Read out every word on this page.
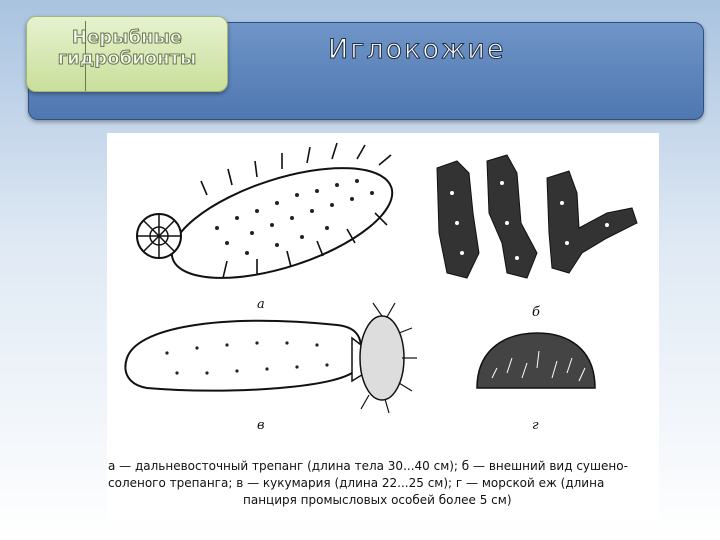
Иглокожие
Нерыбные
гидробионты
а
б
в	г
а — дальневосточный трепанг (длина тела 30...40 см); б — внешний вид сушено-
соленого трепанга; в — кукумария (длина 22...25 см); г — морской еж (длина
панциря промысловых особей более 5 см)
